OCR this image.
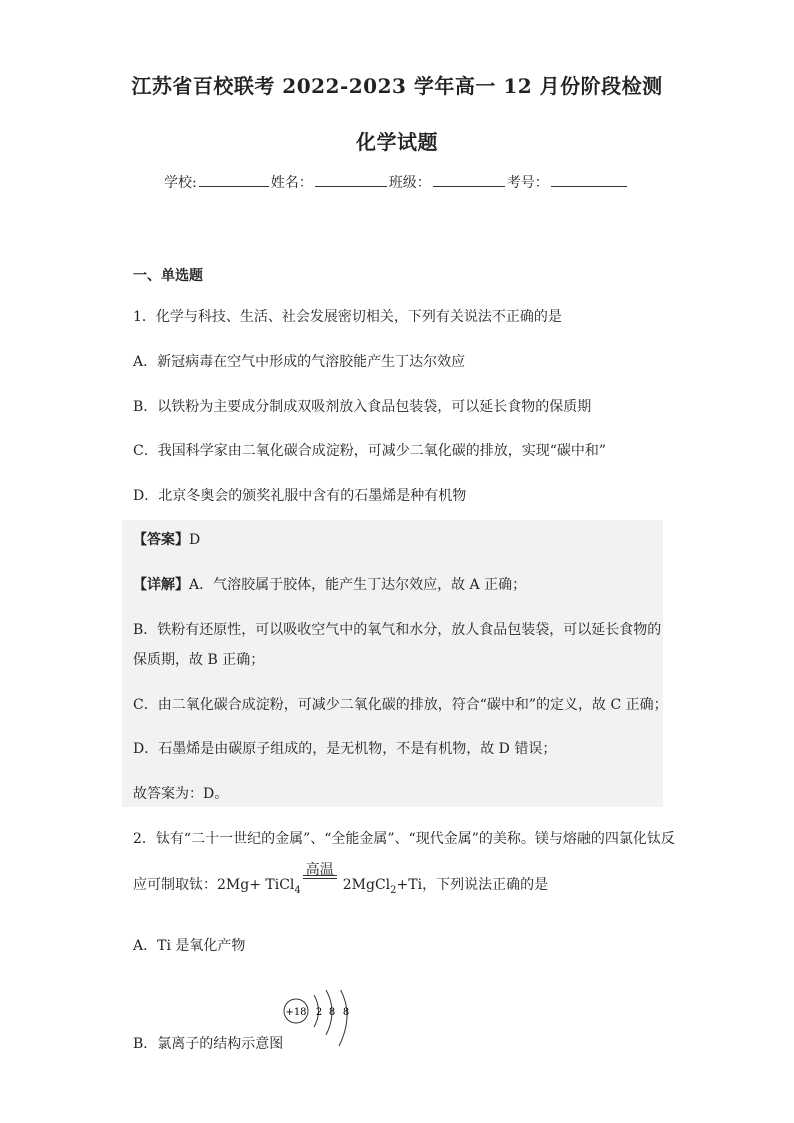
江苏省百校联考 2022-2023 学年高一 12 月份阶段检测
化学试题
学校:	姓名：	班级：	考号：
一、单选题
1．化学与科技、生活、社会发展密切相关，下列有关说法不正确的是
A．新冠病毒在空气中形成的气溶胶能产生丁达尔效应
B．以铁粉为主要成分制成双吸剂放入食品包装袋，可以延长食物的保质期
C．我国科学家由二氧化碳合成淀粉，可减少二氧化碳的排放，实现“碳中和”
D．北京冬奥会的颁奖礼服中含有的石墨烯是种有机物
【答案】D
【详解】A．气溶胶属于胶体，能产生丁达尔效应，故 A 正确；
B．铁粉有还原性，可以吸收空气中的氧气和水分，放人食品包装袋，可以延长食物的
保质期，故 B 正确；
C．由二氧化碳合成淀粉，可减少二氧化碳的排放，符合“碳中和”的定义，故 C 正确；
D．石墨烯是由碳原子组成的，是无机物，不是有机物，故 D 错误；
故答案为：D。
2．钛有“二十一世纪的金属”、“全能金属”、“现代金属”的美称。镁与熔融的四氯化钛反
应可制取钛：2Mg+ TiCl$_4$
高温
2MgCl$_2$+Ti，下列说法正确的是
A．Ti 是氧化产物
B．氯离子的结构示意图
+18 2 8 8
